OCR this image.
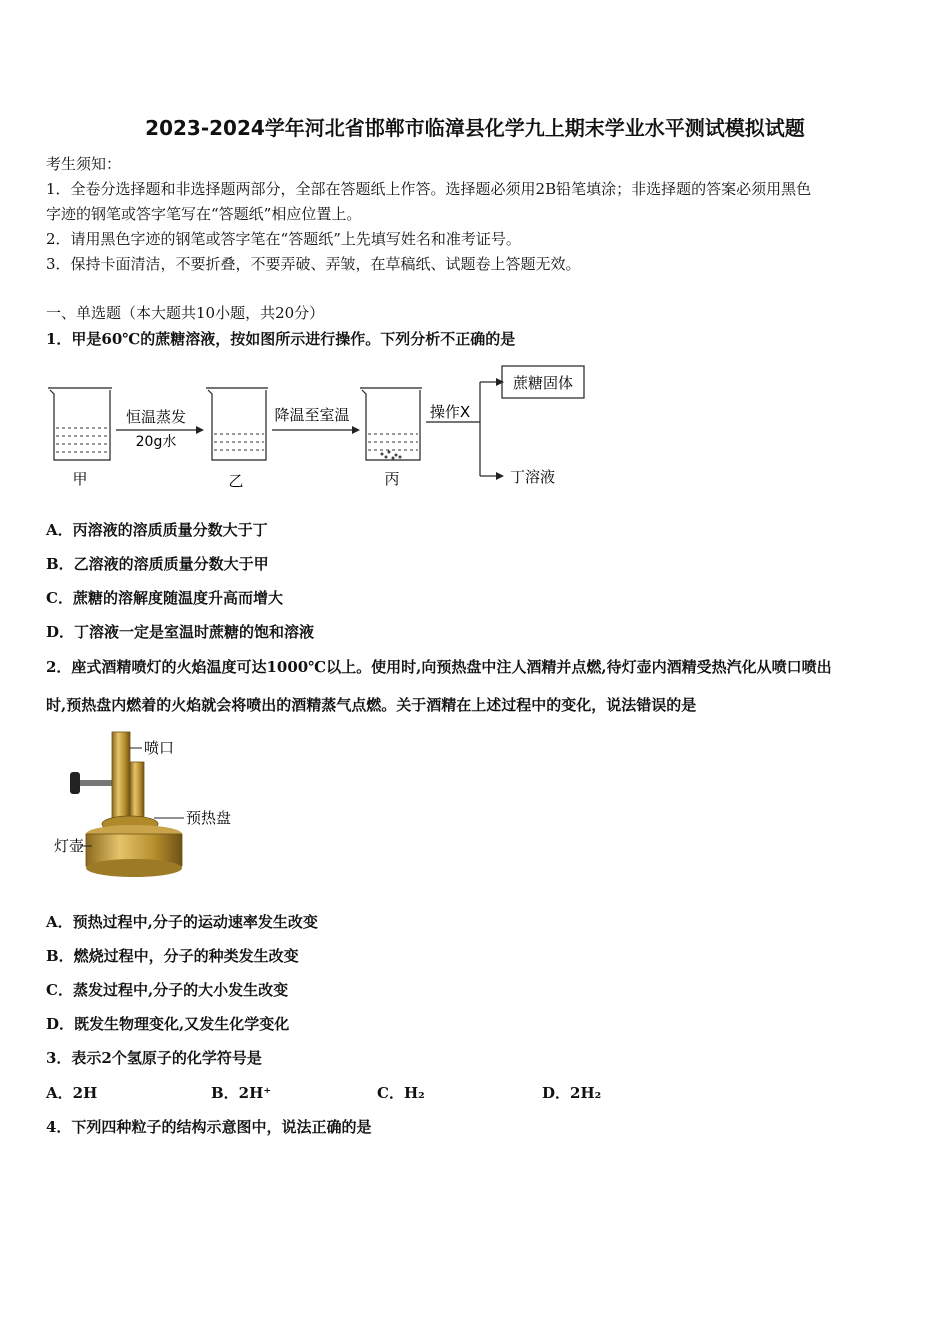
2023-2024学年河北省邯郸市临漳县化学九上期末学业水平测试模拟试题
考生须知：
1．全卷分选择题和非选择题两部分，全部在答题纸上作答。选择题必须用2B铅笔填涂；非选择题的答案必须用黑色
字迹的钢笔或答字笔写在“答题纸”相应位置上。
2．请用黑色字迹的钢笔或答字笔在“答题纸”上先填写姓名和准考证号。
3．保持卡面清洁，不要折叠，不要弄破、弄皱，在草稿纸、试题卷上答题无效。
一、单选题（本大题共10小题，共20分）
1．甲是60℃的蔗糖溶液，按如图所示进行操作。下列分析不正确的是
甲	乙	丙
恒温蒸发
20g水
降温至室温	操作X
蔗糖固体
丁溶液
A．丙溶液的溶质质量分数大于丁
B．乙溶液的溶质质量分数大于甲
C．蔗糖的溶解度随温度升高而增大
D．丁溶液一定是室温时蔗糖的饱和溶液
2．座式酒精喷灯的火焰温度可达1000℃以上。使用时,向预热盘中注人酒精并点燃,待灯壶内酒精受热汽化从喷口喷出
时,预热盘内燃着的火焰就会将喷出的酒精蒸气点燃。关于酒精在上述过程中的变化，说法错误的是
喷口
预热盘
灯壶
A．预热过程中,分子的运动速率发生改变
B．燃烧过程中，分子的种类发生改变
C．蒸发过程中,分子的大小发生改变
D．既发生物理变化,又发生化学变化
3．表示2个氢原子的化学符号是
A．2H	B．2H⁺	C．H₂	D．2H₂
4．下列四种粒子的结构示意图中，说法正确的是
